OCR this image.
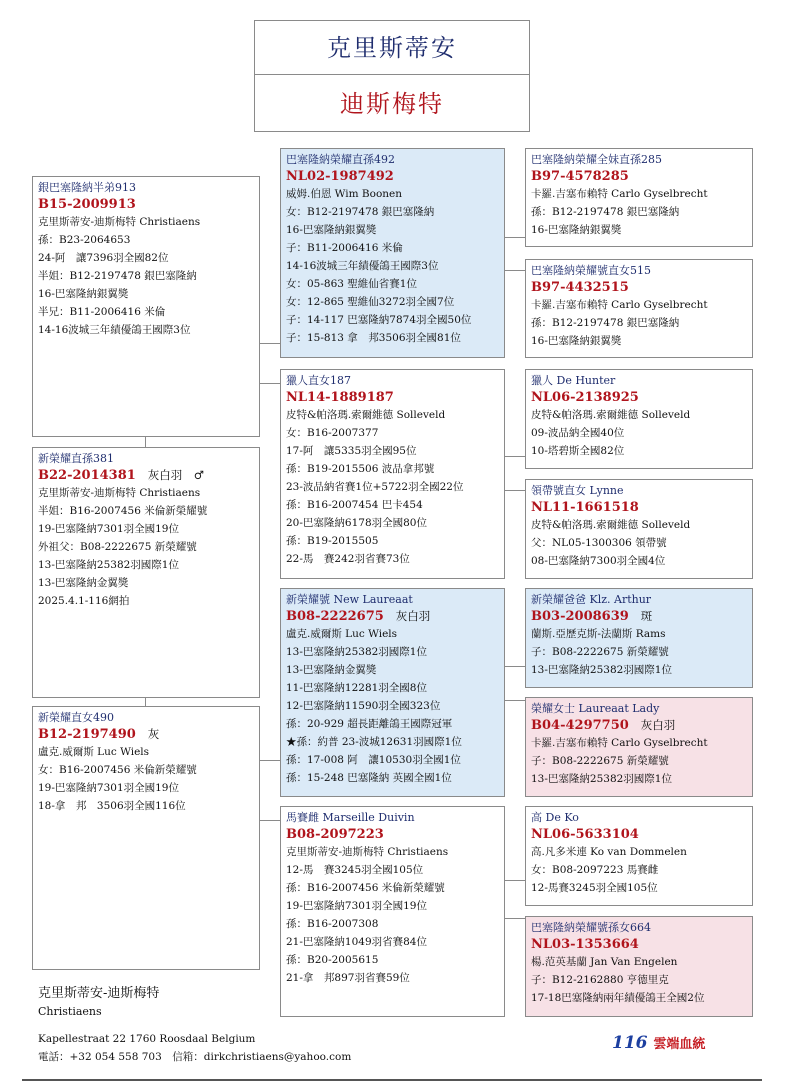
克里斯蒂安
迪斯梅特
銀巴塞隆納半弟913
B15-2009913
克里斯蒂安-迪斯梅特 Christiaens
孫：B23-2064653
24-阿　讓7396羽全國82位
半姐：B12-2197478 銀巴塞隆納
16-巴塞隆納銀翼獎
半兄：B11-2006416 米倫
14-16波城三年績優鴿王國際3位
新榮耀直孫381
B22-2014381 灰白羽　♂
克里斯蒂安-迪斯梅特 Christiaens
半姐：B16-2007456 米倫新榮耀號
19-巴塞隆納7301羽全國19位
外祖父：B08-2222675 新榮耀號
13-巴塞隆納25382羽國際1位
13-巴塞隆納金翼獎
2025.4.1-116網拍
新榮耀直女490
B12-2197490 灰
盧克.威爾斯 Luc Wiels
女：B16-2007456 米倫新榮耀號
19-巴塞隆納7301羽全國19位
18-拿　邦　3506羽全國116位
巴塞隆納榮耀直孫492
NL02-1987492
威姆.伯恩 Wim Boonen
女：B12-2197478 銀巴塞隆納
16-巴塞隆納銀翼獎
子：B11-2006416 米倫
14-16波城三年績優鴿王國際3位
女：05-863 聖維仙省賽1位
女：12-865 聖維仙3272羽全國7位
子：14-117 巴塞隆納7874羽全國50位
子：15-813 拿　邦3506羽全國81位
獵人直女187
NL14-1889187
皮特&帕洛瑪.索爾維德 Solleveld
女：B16-2007377
17-阿　讓5335羽全國95位
孫：B19-2015506 波品拿邦號
23-波品納省賽1位+5722羽全國22位
孫：B16-2007454 巴卡454
20-巴塞隆納6178羽全國80位
孫：B19-2015505
22-馬　賽242羽省賽73位
新榮耀號 New Laureaat
B08-2222675 灰白羽
盧克.威爾斯 Luc Wiels
13-巴塞隆納25382羽國際1位
13-巴塞隆納金翼獎
11-巴塞隆納12281羽全國8位
12-巴塞隆納11590羽全國323位
孫：20-929 超長距離鴿王國際冠軍
★孫：約普 23-波城12631羽國際1位
孫：17-008 阿　讓10530羽全國1位
孫：15-248 巴塞隆納 英國全國1位
馬賽雌 Marseille Duivin
B08-2097223
克里斯蒂安-迪斯梅特 Christiaens
12-馬　賽3245羽全國105位
孫：B16-2007456 米倫新榮耀號
19-巴塞隆納7301羽全國19位
孫：B16-2007308
21-巴塞隆納1049羽省賽84位
孫：B20-2005615
21-拿　邦897羽省賽59位
巴塞隆納榮耀全妹直孫285
B97-4578285
卡羅.吉塞布賴特 Carlo Gyselbrecht
孫：B12-2197478 銀巴塞隆納
16-巴塞隆納銀翼獎
巴塞隆納榮耀號直女515
B97-4432515
卡羅.吉塞布賴特 Carlo Gyselbrecht
孫：B12-2197478 銀巴塞隆納
16-巴塞隆納銀翼獎
獵人 De Hunter
NL06-2138925
皮特&帕洛瑪.索爾維德 Solleveld
09-波品納全國40位
10-塔碧斯全國82位
領帶號直女 Lynne
NL11-1661518
皮特&帕洛瑪.索爾維德 Solleveld
父：NL05-1300306 領帶號
08-巴塞隆納7300羽全國4位
新榮耀爸爸 Klz. Arthur
B03-2008639 斑
蘭斯.亞歷克斯-法蘭斯 Rams
子：B08-2222675 新榮耀號
13-巴塞隆納25382羽國際1位
榮耀女士 Laureaat Lady
B04-4297750 灰白羽
卡羅.吉塞布賴特 Carlo Gyselbrecht
子：B08-2222675 新榮耀號
13-巴塞隆納25382羽國際1位
高 De Ko
NL06-5633104
高.凡多米連 Ko van Dommelen
女：B08-2097223 馬賽雌
12-馬賽3245羽全國105位
巴塞隆納榮耀號孫女664
NL03-1353664
楊.范英基蘭 Jan Van Engelen
子：B12-2162880 亨德里克
17-18巴塞隆納兩年績優鴿王全國2位
克里斯蒂安-迪斯梅特
Christiaens
Kapellestraat 22 1760 Roosdaal Belgium
電話：+32 054 558 703　信箱：dirkchristiaens@yahoo.com
116 雲端血統
